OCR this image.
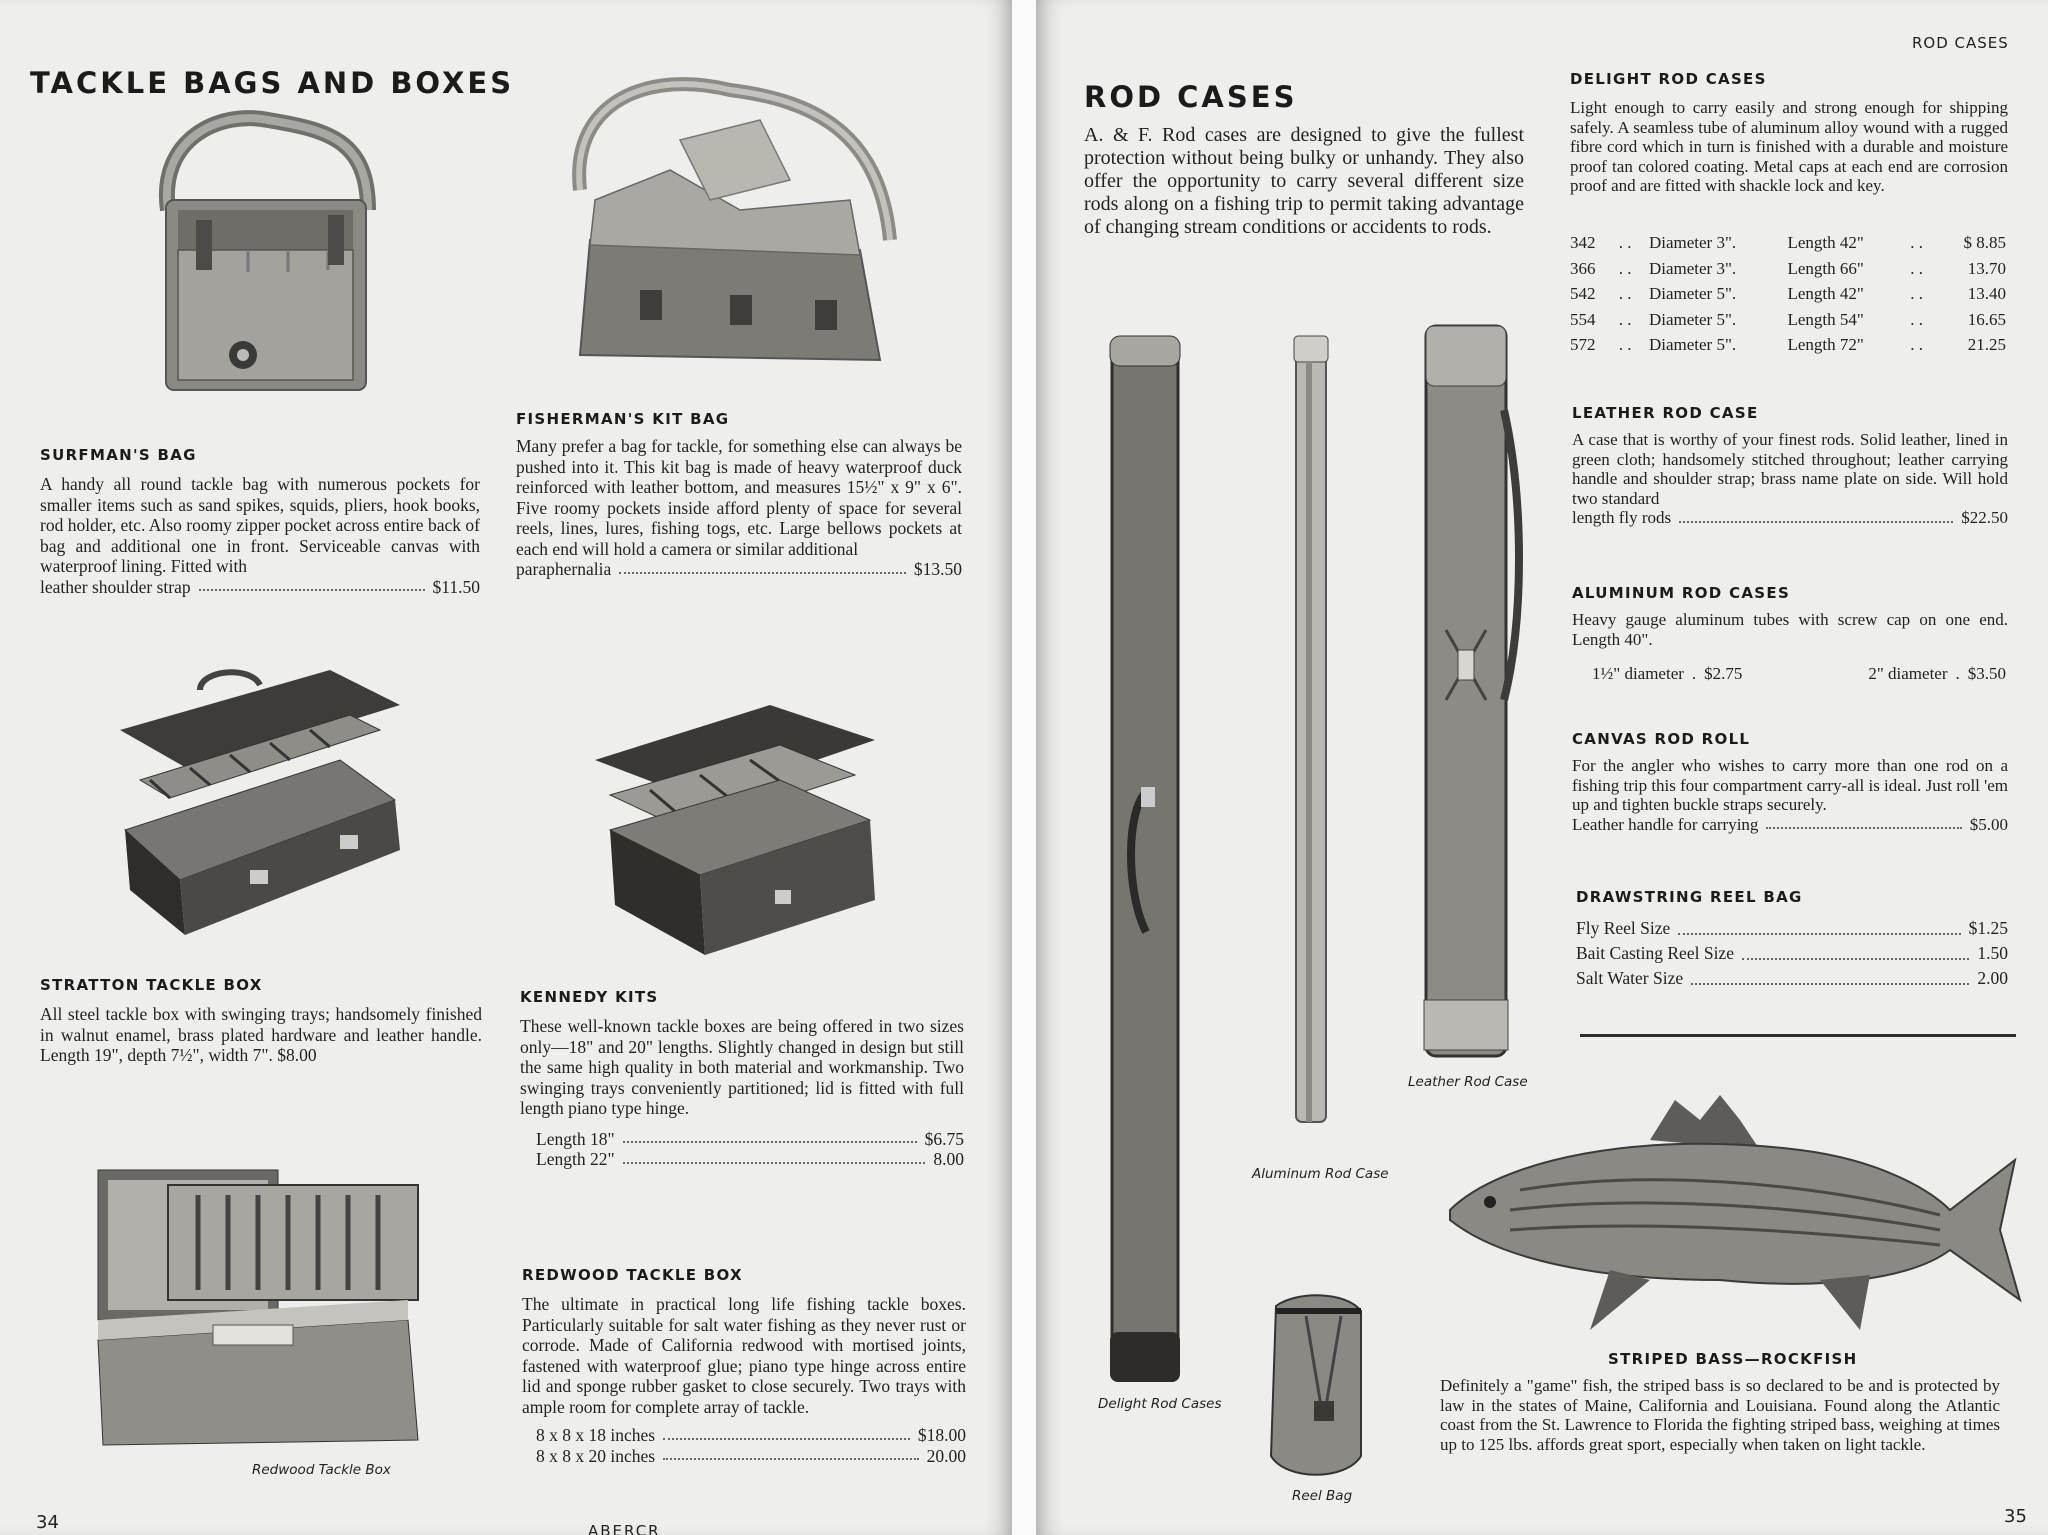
TACKLE BAGS AND BOXES
FISHERMAN'S KIT BAG
SURFMAN'S BAG

A handy all round tackle bag with numerous pockets for smaller items such as sand spikes, squids, pliers, hook books, rod holder, etc. Also roomy zipper pocket across entire back of bag and additional one in front. Serviceable canvas with waterproof lining. Fitted with

leather shoulder strap	$11.50

Many prefer a bag for tackle, for something else can always be pushed into it. This kit bag is made of heavy waterproof duck reinforced with leather bottom, and measures 15½" x 9" x 6". Five roomy pockets inside afford plenty of space for several reels, lines, lures, fishing togs, etc. Large bellows pockets at each end will hold a camera or similar additional

paraphernalia	$13.50
STRATTON TACKLE BOX

All steel tackle box with swinging trays; handsomely finished in walnut enamel, brass plated hardware and leather handle. Length 19", depth 7½", width 7". $8.00

KENNEDY KITS

These well-known tackle boxes are being offered in two sizes only—18" and 20" lengths. Slightly changed in design but still the same high quality in both material and workmanship. Two swinging trays conveniently partitioned; lid is fitted with full length piano type hinge.

Length 18"	$6.75
Length 22"	8.00
Redwood Tackle Box
REDWOOD TACKLE BOX

The ultimate in practical long life fishing tackle boxes. Particularly suitable for salt water fishing as they never rust or corrode. Made of California redwood with mortised joints, fastened with waterproof glue; piano type hinge across entire lid and sponge rubber gasket to close securely. Two trays with ample room for complete array of tackle.

8 x 8 x 18 inches	$18.00
8 x 8 x 20 inches	20.00
34	ABERCR
ROD CASES
ROD CASES

A. & F. Rod cases are designed to give the fullest protection without being bulky or unhandy. They also offer the opportunity to carry several different size rods along on a fishing trip to permit taking advantage of changing stream conditions or accidents to rods.

Delight Rod Cases
Aluminum Rod Case
Leather Rod Case
Reel Bag
DELIGHT ROD CASES

Light enough to carry easily and strong enough for shipping safely. A seamless tube of aluminum alloy wound with a rugged fibre cord which in turn is finished with a durable and moisture proof tan colored coating. Metal caps at each end are corrosion proof and are fitted with shackle lock and key.

342	. .	Diameter 3".	Length 42"	. .	$ 8.85
366	. .	Diameter 3".	Length 66"	. .	13.70
542	. .	Diameter 5".	Length 42"	. .	13.40
554	. .	Diameter 5".	Length 54"	. .	16.65
572	. .	Diameter 5".	Length 72"	. .	21.25
LEATHER ROD CASE

A case that is worthy of your finest rods. Solid leather, lined in green cloth; handsomely stitched throughout; leather carrying handle and shoulder strap; brass name plate on side. Will hold two standard

length fly rods	$22.50
ALUMINUM ROD CASES

Heavy gauge aluminum tubes with screw cap on one end. Length 40".

1½" diameter . $2.75	2" diameter . $3.50
CANVAS ROD ROLL

For the angler who wishes to carry more than one rod on a fishing trip this four compartment carry-all is ideal. Just roll 'em up and tighten buckle straps securely.

Leather handle for carrying	$5.00
DRAWSTRING REEL BAG
Fly Reel Size	$1.25
Bait Casting Reel Size	1.50
Salt Water Size	2.00
STRIPED BASS—ROCKFISH

Definitely a "game" fish, the striped bass is so declared to be and is protected by law in the states of Maine, California and Louisiana. Found along the Atlantic coast from the St. Lawrence to Florida the fighting striped bass, weighing at times up to 125 lbs. affords great sport, especially when taken on light tackle.

35
